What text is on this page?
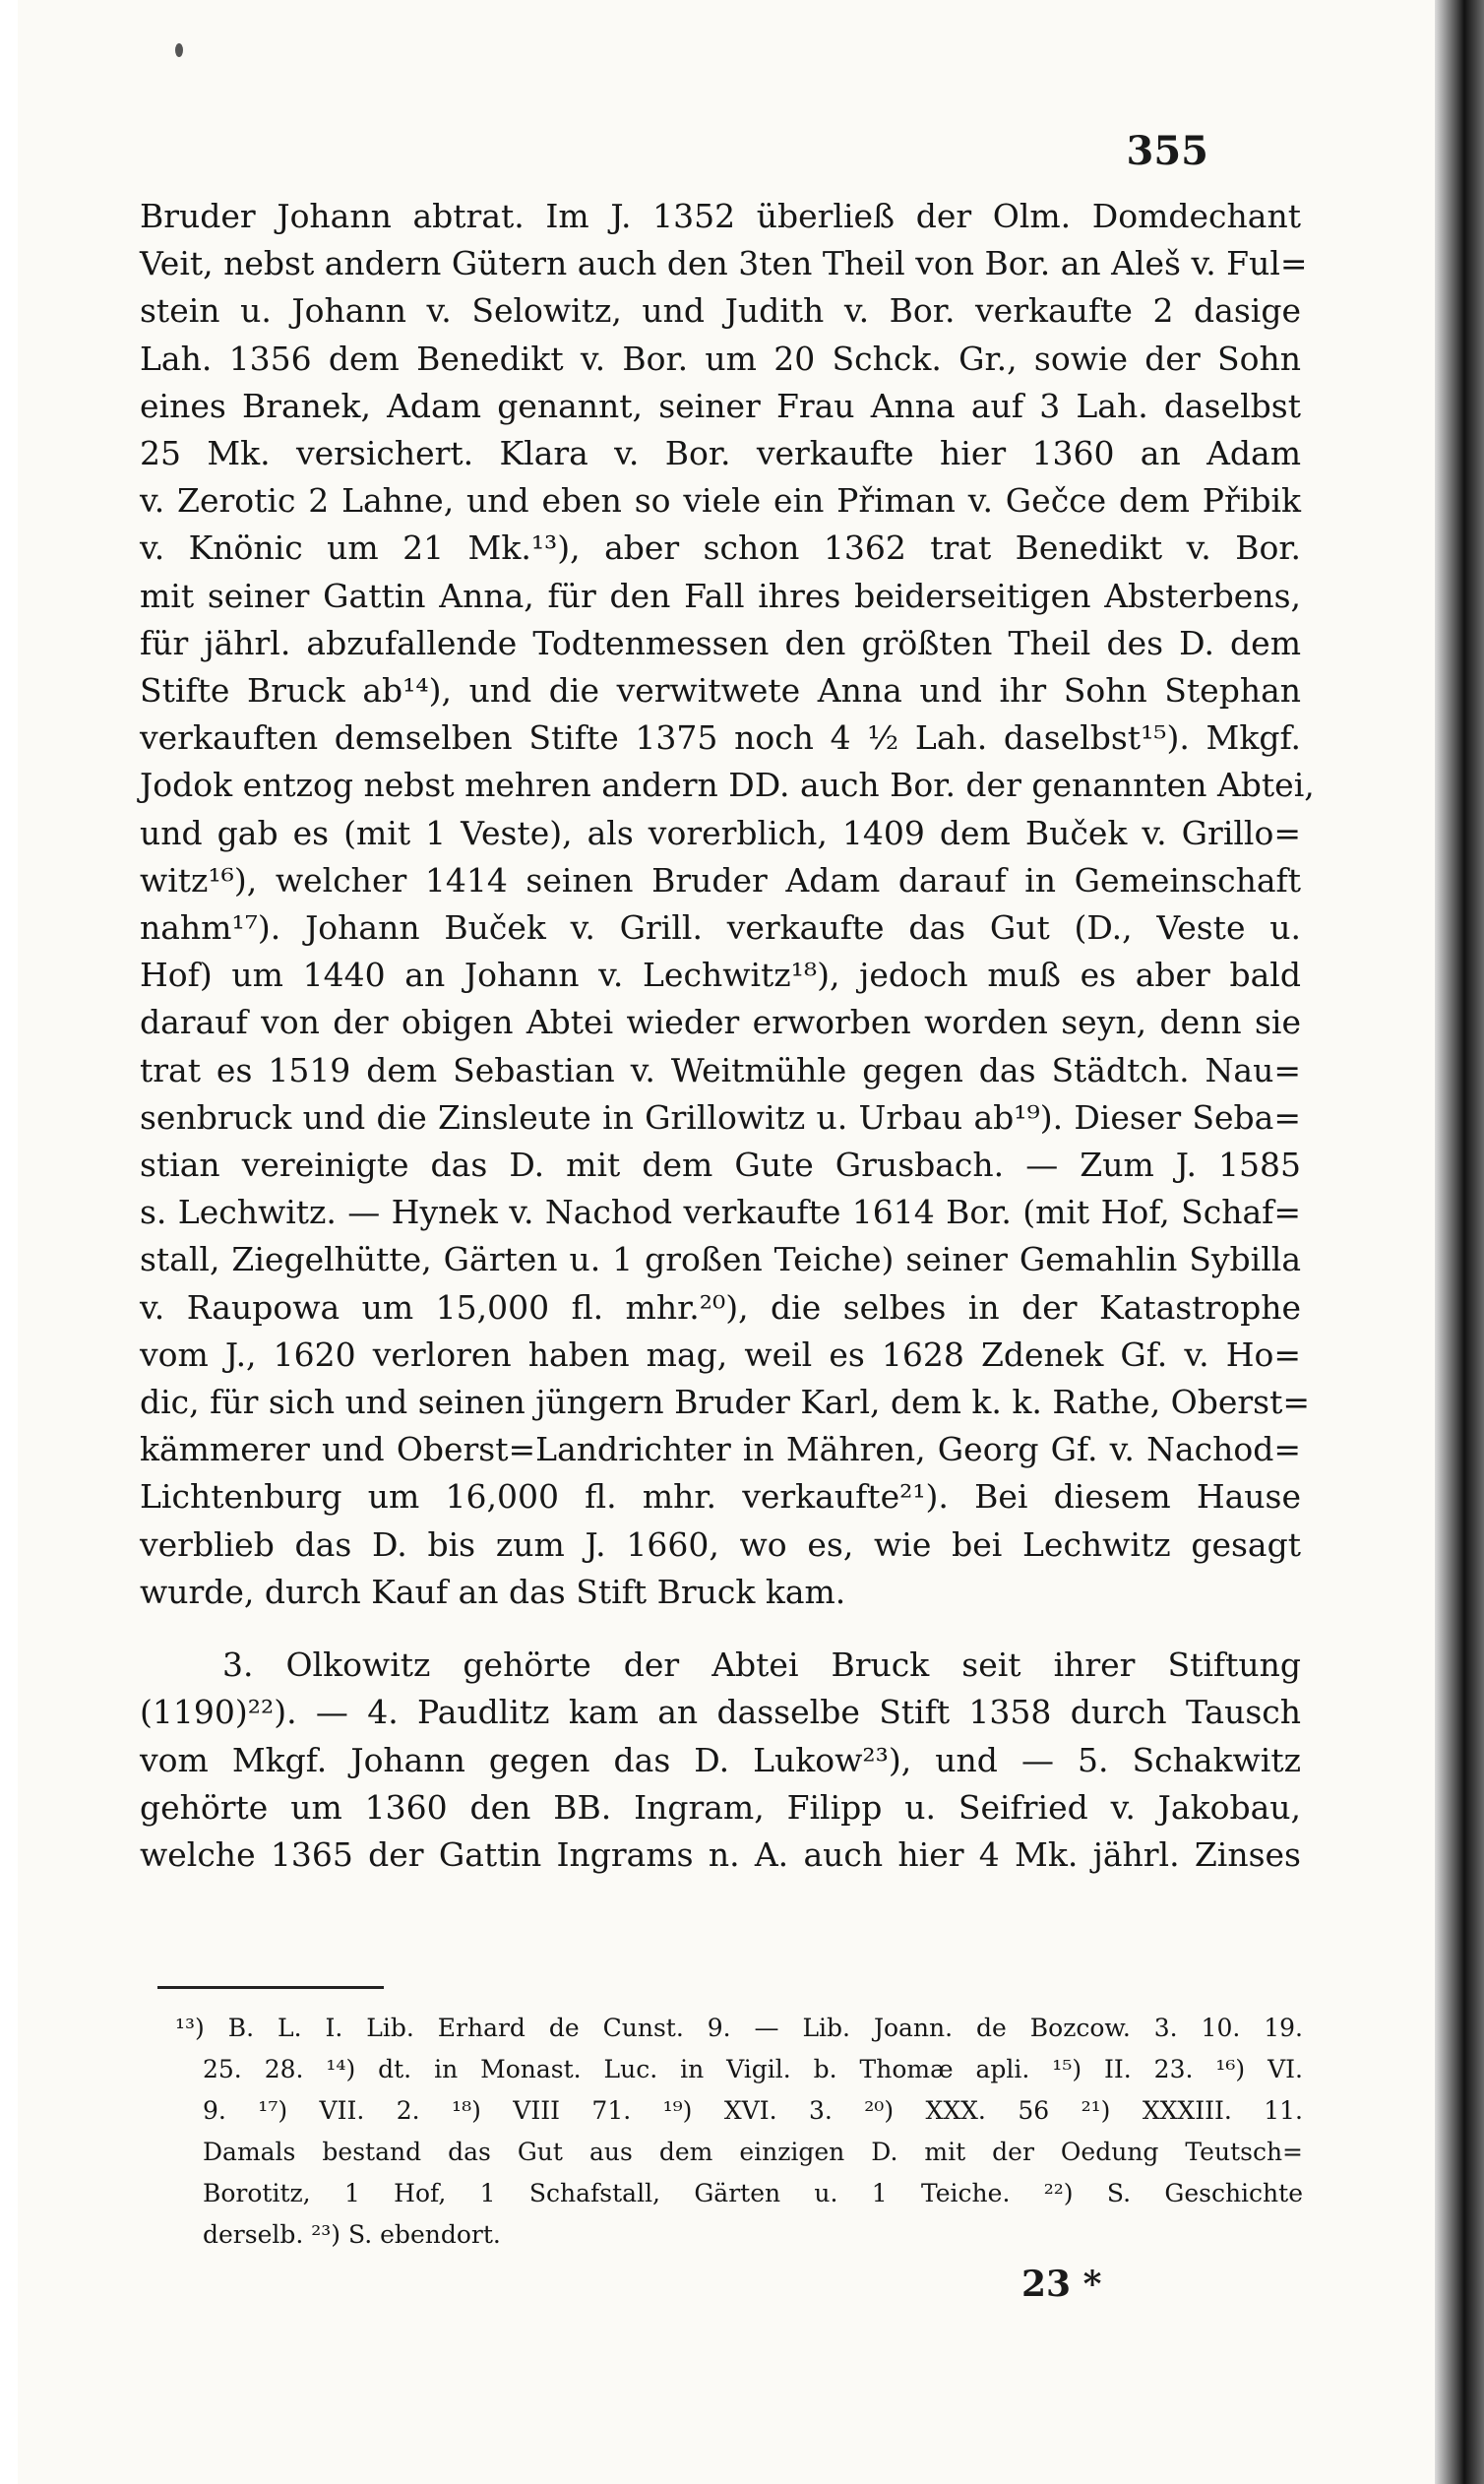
355
Bruder Johann abtrat. Im J. 1352 überließ der Olm. Domdechant
Veit, nebst andern Gütern auch den 3ten Theil von Bor. an Aleš v. Ful=
stein u. Johann v. Selowitz, und Judith v. Bor. verkaufte 2 dasige
Lah. 1356 dem Benedikt v. Bor. um 20 Schck. Gr., sowie der Sohn
eines Branek, Adam genannt, seiner Frau Anna auf 3 Lah. daselbst
25 Mk. versichert. Klara v. Bor. verkaufte hier 1360 an Adam
v. Zerotic 2 Lahne, und eben so viele ein Přiman v. Gečce dem Přibik
v. Knönic um 21 Mk.¹³), aber schon 1362 trat Benedikt v. Bor.
mit seiner Gattin Anna, für den Fall ihres beiderseitigen Absterbens,
für jährl. abzufallende Todtenmessen den größten Theil des D. dem
Stifte Bruck ab¹⁴), und die verwitwete Anna und ihr Sohn Stephan
verkauften demselben Stifte 1375 noch 4 ½ Lah. daselbst¹⁵). Mkgf.
Jodok entzog nebst mehren andern DD. auch Bor. der genannten Abtei,
und gab es (mit 1 Veste), als vorerblich, 1409 dem Buček v. Grillo=
witz¹⁶), welcher 1414 seinen Bruder Adam darauf in Gemeinschaft
nahm¹⁷). Johann Buček v. Grill. verkaufte das Gut (D., Veste u.
Hof) um 1440 an Johann v. Lechwitz¹⁸), jedoch muß es aber bald
darauf von der obigen Abtei wieder erworben worden seyn, denn sie
trat es 1519 dem Sebastian v. Weitmühle gegen das Städtch. Nau=
senbruck und die Zinsleute in Grillowitz u. Urbau ab¹⁹). Dieser Seba=
stian vereinigte das D. mit dem Gute Grusbach. — Zum J. 1585
s. Lechwitz. — Hynek v. Nachod verkaufte 1614 Bor. (mit Hof, Schaf=
stall, Ziegelhütte, Gärten u. 1 großen Teiche) seiner Gemahlin Sybilla
v. Raupowa um 15,000 fl. mhr.²⁰), die selbes in der Katastrophe
vom J., 1620 verloren haben mag, weil es 1628 Zdenek Gf. v. Ho=
dic, für sich und seinen jüngern Bruder Karl, dem k. k. Rathe, Oberst=
kämmerer und Oberst=Landrichter in Mähren, Georg Gf. v. Nachod=
Lichtenburg um 16,000 fl. mhr. verkaufte²¹). Bei diesem Hause
verblieb das D. bis zum J. 1660, wo es, wie bei Lechwitz gesagt
wurde, durch Kauf an das Stift Bruck kam.
3. Olkowitz gehörte der Abtei Bruck seit ihrer Stiftung
(1190)²²). — 4. Paudlitz kam an dasselbe Stift 1358 durch Tausch
vom Mkgf. Johann gegen das D. Lukow²³), und — 5. Schakwitz
gehörte um 1360 den BB. Ingram, Filipp u. Seifried v. Jakobau,
welche 1365 der Gattin Ingrams n. A. auch hier 4 Mk. jährl. Zinses
¹³) B. L. I. Lib. Erhard de Cunst. 9. — Lib. Joann. de Bozcow. 3. 10. 19.
25. 28. ¹⁴) dt. in Monast. Luc. in Vigil. b. Thomæ apli. ¹⁵) II. 23. ¹⁶) VI.
9. ¹⁷) VII. 2. ¹⁸) VIII 71. ¹⁹) XVI. 3. ²⁰) XXX. 56 ²¹) XXXIII. 11.
Damals bestand das Gut aus dem einzigen D. mit der Oedung Teutsch=
Borotitz, 1 Hof, 1 Schafstall, Gärten u. 1 Teiche. ²²) S. Geschichte
derselb. ²³) S. ebendort.
23 *
